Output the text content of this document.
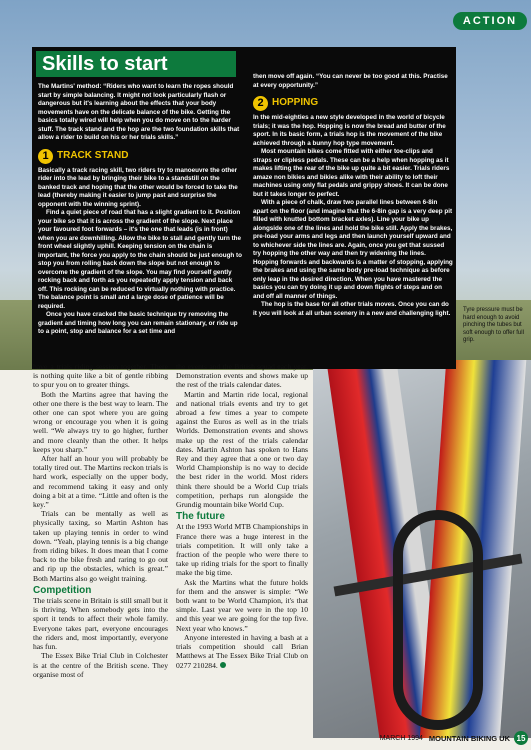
ACTION
Skills to start

The Martins' method: “Riders who want to learn the ropes should start by simple balancing. It might not look particularly flash or dangerous but it's learning about the effects that your body movements have on the delicate balance of the bike. Getting the basics totally wired will help when you do move on to the harder stuff. The track stand and the hop are the two foundation skills that allow a rider to build on his or her trials skills.”

1 TRACK STAND

Basically a track racing skill, two riders try to manoeuvre the other rider into the lead by bringing their bike to a standstill on the banked track and hoping that the other would be forced to take the lead (thereby making it easier to jump past and surprise the opponent with the winning sprint).

Find a quiet piece of road that has a slight gradient to it. Position your bike so that it is across the gradient of the slope. Next place your favoured foot forwards – it's the one that leads (is in front) when you are downhilling. Allow the bike to stall and gently turn the front wheel slightly uphill. Keeping tension on the chain is important, the force you apply to the chain should be just enough to stop you from rolling back down the slope but not enough to overcome the gradient of the slope. You may find yourself gently rocking back and forth as you repeatedly apply tension and back off. This rocking can be reduced to virtually nothing with practice. The balance point is small and a large dose of patience will be required.

Once you have cracked the basic technique try removing the gradient and timing how long you can remain stationary, or ride up to a point, stop and balance for a set time and

then move off again. “You can never be too good at this. Practise at every opportunity.”

2 HOPPING

In the mid-eighties a new style developed in the world of bicycle trials; it was the hop. Hopping is now the bread and butter of the sport. In its basic form, a trials hop is the movement of the bike achieved through a bunny hop type movement.

Most mountain bikes come fitted with either toe-clips and straps or clipless pedals. These can be a help when hopping as it makes lifting the rear of the bike up quite a bit easier. Trials riders amaze non bikies and bikies alike with their ability to loft their machines using only flat pedals and grippy shoes. It can be done but it takes longer to perfect.

With a piece of chalk, draw two parallel lines between 6-8in apart on the floor (and imagine that the 6-8in gap is a very deep pit filled with knutted bottom bracket axles). Line your bike up alongside one of the lines and hold the bike still. Apply the brakes, pre-load your arms and legs and then launch yourself upward and to whichever side the lines are. Again, once you get that sussed try hopping the other way and then try widening the lines. Hopping forwards and backwards is a matter of stopping, applying the brakes and using the same body pre-load technique as before only leap in the desired direction. When you have mastered the basics you can try doing it up and down flights of steps and on and off all manner of things.

The hop is the base for all other trials moves. Once you can do it you will look at all urban scenery in a new and challenging light.	Tyre pressure must be hard enough to avoid pinching the tubes but soft enough to offer full grip.

have a trials riding session together. There is nothing quite like a bit of gentle ribbing to spur you on to greater things.

Both the Martins agree that having the other one there is the best way to learn. The other one can spot where you are going wrong or encourage you when it is going well. “We always try to go higher, further and more cleanly than the other. It helps keeps you sharp.”

After half an hour you will probably be totally tired out. The Martins reckon trials is hard work, especially on the upper body, and recommend taking it easy and only doing a bit at a time. “Little and often is the key.”

Trials can be mentally as well as physically taxing, so Martin Ashton has taken up playing tennis in order to wind down. “Yeah, playing tennis is a big change from riding bikes. It does mean that I come back to the bike fresh and raring to go out and rip up the obstacles, which is great.” Both Martins also go weight training.

Competition

The trials scene in Britain is still small but it is thriving. When somebody gets into the sport it tends to affect their whole family. Everyone takes part, everyone encourages the riders and, most importantly, everyone has fun.

The Essex Bike Trial Club in Colchester is at the centre of the British scene. They organise most of

the events and the British squad each year. Demonstration events and shows make up the rest of the trials calendar dates.

Martin and Martin ride local, regional and national trials events and try to get abroad a few times a year to compete against the Euros as well as in the trials Worlds. Demonstration events and shows make up the rest of the trials calendar dates. Martin Ashton has spoken to Hans Rey and they agree that a one or two day World Championship is no way to decide the best rider in the world. Most riders think there should be a World Cup trials competition, perhaps run alongside the Grundig mountain bike World Cup.

The future

At the 1993 World MTB Championships in France there was a huge interest in the trials competition. It will only take a fraction of the people who were there to take up riding trials for the sport to finally make the big time.

Ask the Martins what the future holds for them and the answer is simple: “We both want to be World Champion, it's that simple. Last year we were in the top 10 and this year we are going for the top five. Next year who knows.”

Anyone interested in having a bash at a trials competition should call Brian Matthews at The Essex Bike Trial Club on 0277 210284.

MARCH 1994 MOUNTAIN BIKING UK 15
